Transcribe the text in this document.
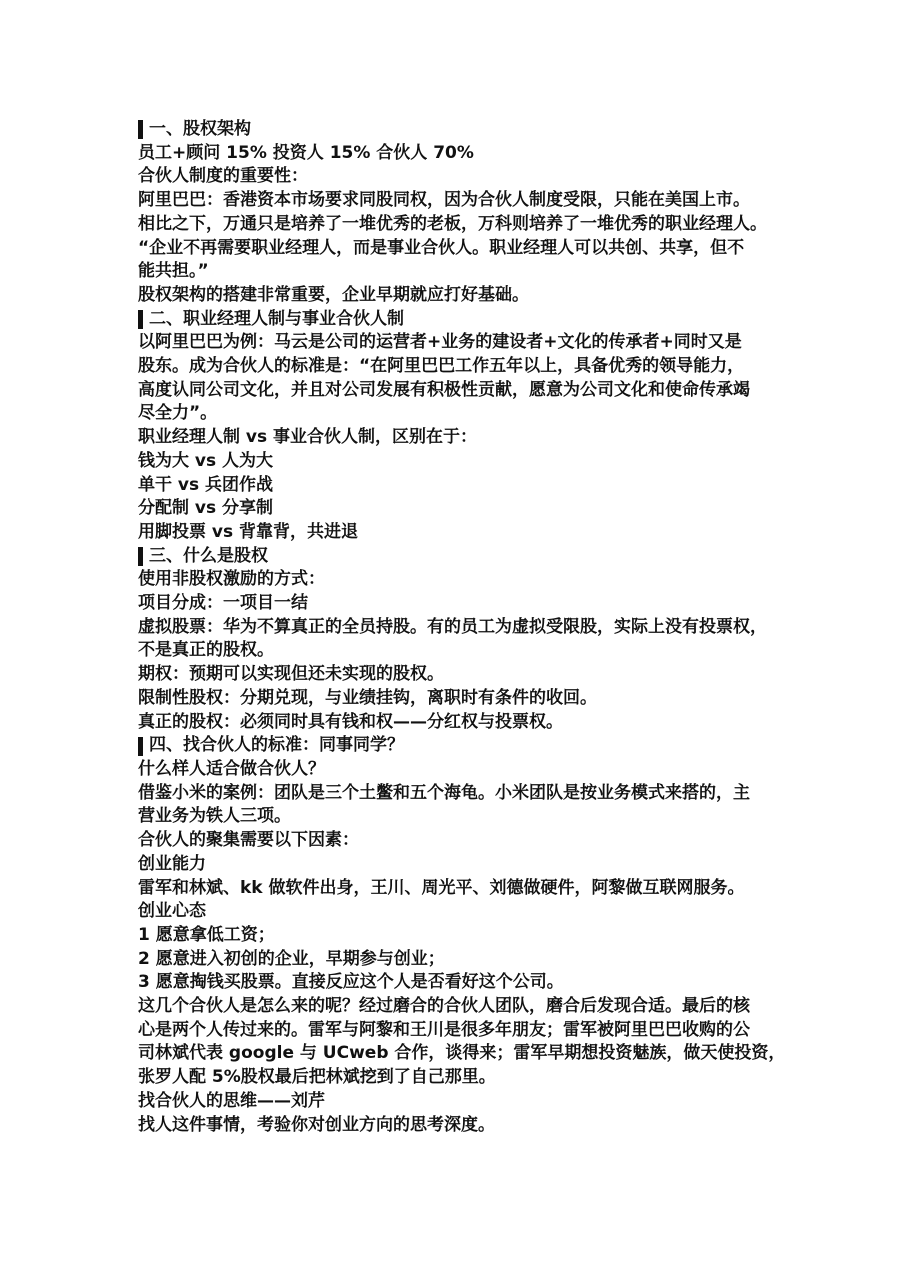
一、股权架构
员工+顾问 15% 投资人 15% 合伙人 70%
合伙人制度的重要性：
阿里巴巴：香港资本市场要求同股同权，因为合伙人制度受限，只能在美国上市。
相比之下，万通只是培养了一堆优秀的老板，万科则培养了一堆优秀的职业经理人。
“企业不再需要职业经理人，而是事业合伙人。职业经理人可以共创、共享，但不
能共担。”
股权架构的搭建非常重要，企业早期就应打好基础。
二、职业经理人制与事业合伙人制
以阿里巴巴为例：马云是公司的运营者+业务的建设者+文化的传承者+同时又是
股东。成为合伙人的标准是：“在阿里巴巴工作五年以上，具备优秀的领导能力，
高度认同公司文化，并且对公司发展有积极性贡献，愿意为公司文化和使命传承竭
尽全力”。
职业经理人制 vs 事业合伙人制，区别在于：
钱为大 vs 人为大
单干 vs 兵团作战
分配制 vs 分享制
用脚投票 vs 背靠背，共进退
三、什么是股权
使用非股权激励的方式：
项目分成：一项目一结
虚拟股票：华为不算真正的全员持股。有的员工为虚拟受限股，实际上没有投票权，
不是真正的股权。
期权：预期可以实现但还未实现的股权。
限制性股权：分期兑现，与业绩挂钩，离职时有条件的收回。
真正的股权：必须同时具有钱和权——分红权与投票权。
四、找合伙人的标准：同事同学？
什么样人适合做合伙人？
借鉴小米的案例：团队是三个土鳖和五个海龟。小米团队是按业务模式来搭的，主
营业务为铁人三项。
合伙人的聚集需要以下因素：
创业能力
雷军和林斌、kk 做软件出身，王川、周光平、刘德做硬件，阿黎做互联网服务。
创业心态
1 愿意拿低工资；
2 愿意进入初创的企业，早期参与创业；
3 愿意掏钱买股票。直接反应这个人是否看好这个公司。
这几个合伙人是怎么来的呢？经过磨合的合伙人团队，磨合后发现合适。最后的核
心是两个人传过来的。雷军与阿黎和王川是很多年朋友；雷军被阿里巴巴收购的公
司林斌代表 google 与 UCweb 合作，谈得来；雷军早期想投资魅族，做天使投资，
张罗人配 5%股权最后把林斌挖到了自己那里。
找合伙人的思维——刘芹
找人这件事情，考验你对创业方向的思考深度。
